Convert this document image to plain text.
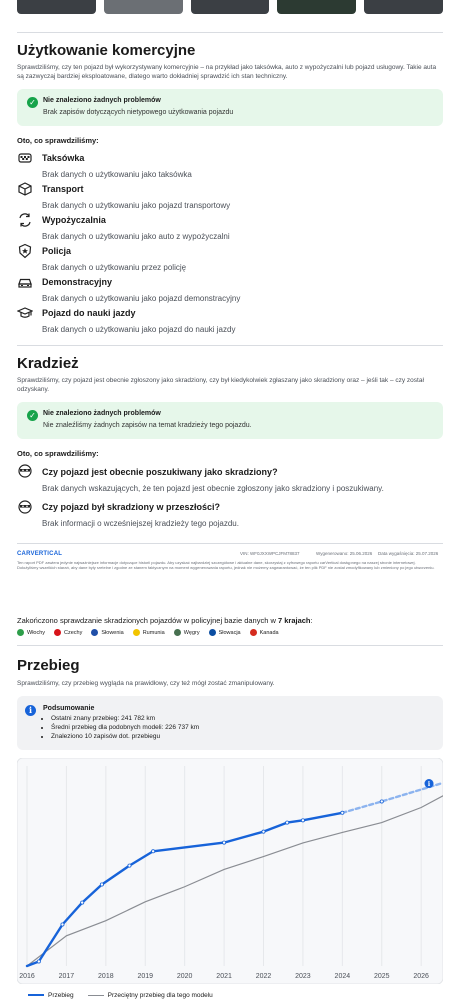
Użytkowanie komercyjne

Sprawdziliśmy, czy ten pojazd był wykorzystywany komercyjnie – na przykład jako taksówka, auto z wypożyczalni lub pojazd usługowy. Takie auta są zazwyczaj bardziej eksploatowane, dlatego warto dokładniej sprawdzić ich stan techniczny.

✓	Nie znaleziono żadnych problemów
Brak zapisów dotyczących nietypowego użytkowania pojazdu
Oto, co sprawdziliśmy:
Taksówka
Brak danych o użytkowaniu jako taksówka
Transport
Brak danych o użytkowaniu jako pojazd transportowy
Wypożyczalnia
Brak danych o użytkowaniu jako auto z wypożyczalni
Policja
Brak danych o użytkowaniu przez policję
Demonstracyjny
Brak danych o użytkowaniu jako pojazd demonstracyjny
Pojazd do nauki jazdy
Brak danych o użytkowaniu jako pojazd do nauki jazdy
Kradzież

Sprawdziliśmy, czy pojazd jest obecnie zgłoszony jako skradziony, czy był kiedykolwiek zgłaszany jako skradziony oraz – jeśli tak – czy został odzyskany.

✓	Nie znaleziono żadnych problemów
Nie znaleźliśmy żadnych zapisów na temat kradzieży tego pojazdu.
Oto, co sprawdziliśmy:
Czy pojazd jest obecnie poszukiwany jako skradziony?
Brak danych wskazujących, że ten pojazd jest obecnie zgłoszony jako skradziony i poszukiwany.
Czy pojazd był skradziony w przeszłości?
Brak informacji o wcześniejszej kradzieży tego pojazdu.
CARVERTICAL	VIN: WF0JXXWPCJFM78837	Wygenerowano: 25.06.2026 Data wygaśnięcia: 25.07.2026

Ten raport PDF zawiera jedynie najważniejsze informacje dotyczące historii pojazdu. Aby uzyskać najbardziej szczegółowe i aktualne dane, skorzystaj z cyfrowego raportu carVertical dostępnego na naszej stronie internetowej. Dołożyliśmy wszelkich starań, aby dane były rzetelne i zgodne ze stanem faktycznym na moment wygenerowania raportu, jednak nie możemy zagwarantować, że ten plik PDF nie został zmodyfikowany lub zmieniony po jego utworzeniu.

Zakończono sprawdzanie skradzionych pojazdów w policyjnej bazie danych w 7 krajach:
Włochy	Czechy	Słowenia	Rumunia	Węgry	Słowacja	Kanada
Przebieg

Sprawdziliśmy, czy przebieg wygląda na prawidłowy, czy też mógł zostać zmanipulowany.

i	Podsumowanie
• Ostatni znany przebieg: 241 782 km
• Średni przebieg dla podobnych modeli: 226 737 km
• Znaleziono 10 zapisów dot. przebiegu
2016	2017	2018	2019	2020	2021	2022	2023	2024	2025	2026
i
Przebieg	Przeciętny przebieg dla tego modelu
